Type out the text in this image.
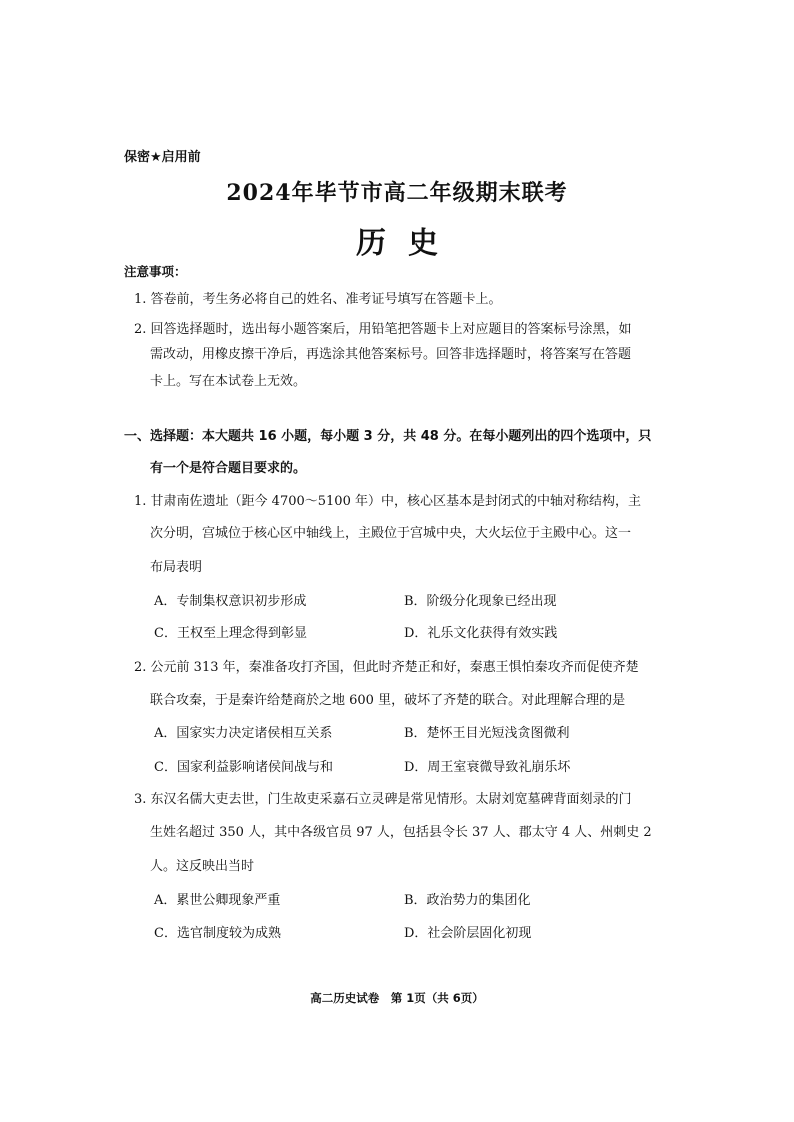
保密★启用前
2024年毕节市高二年级期末联考
历史
注意事项：
1. 答卷前，考生务必将自己的姓名、准考证号填写在答题卡上。
2. 回答选择题时，选出每小题答案后，用铅笔把答题卡上对应题目的答案标号涂黑，如
需改动，用橡皮擦干净后，再选涂其他答案标号。回答非选择题时，将答案写在答题
卡上。写在本试卷上无效。
一、选择题：本大题共 16 小题，每小题 3 分，共 48 分。在每小题列出的四个选项中，只
有一个是符合题目要求的。
1. 甘肃南佐遗址（距今 4700～5100 年）中，核心区基本是封闭式的中轴对称结构，主
次分明，宫城位于核心区中轴线上，主殿位于宫城中央，大火坛位于主殿中心。这一
布局表明
A．专制集权意识初步形成	B．阶级分化现象已经出现
C．王权至上理念得到彰显	D．礼乐文化获得有效实践
2. 公元前 313 年，秦准备攻打齐国，但此时齐楚正和好，秦惠王惧怕秦攻齐而促使齐楚
联合攻秦，于是秦许给楚商於之地 600 里，破坏了齐楚的联合。对此理解合理的是
A．国家实力决定诸侯相互关系	B．楚怀王目光短浅贪图微利
C．国家利益影响诸侯间战与和	D．周王室衰微导致礼崩乐坏
3. 东汉名儒大吏去世，门生故吏采嘉石立灵碑是常见情形。太尉刘宽墓碑背面刻录的门
生姓名超过 350 人，其中各级官员 97 人，包括县令长 37 人、郡太守 4 人、州刺史 2
人。这反映出当时
A．累世公卿现象严重	B．政治势力的集团化
C．选官制度较为成熟	D．社会阶层固化初现
高二历史试卷　第 1页（共 6页）
